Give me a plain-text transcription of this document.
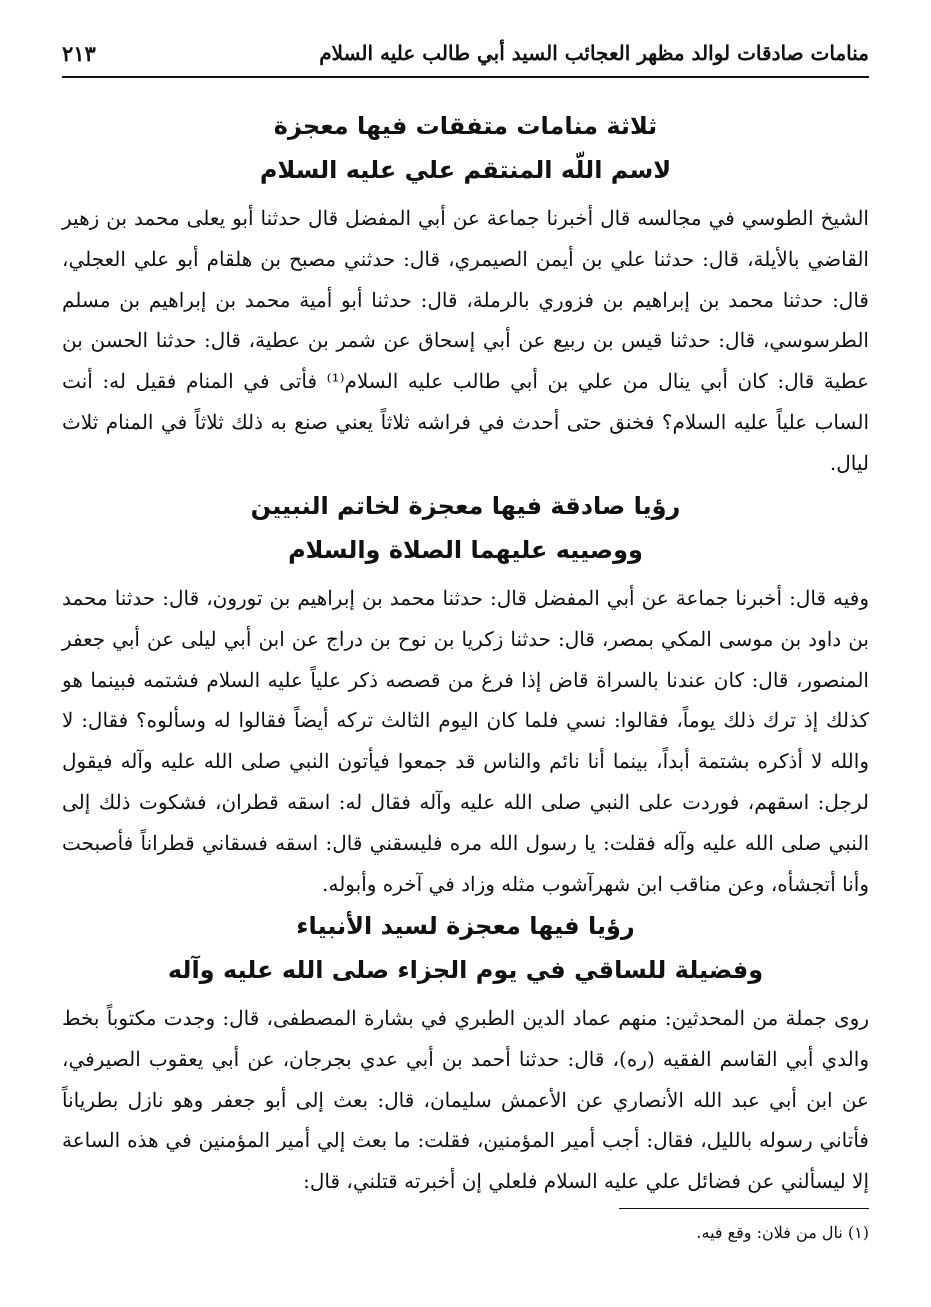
منامات صادقات لوالد مظهر العجائب السيد أبي طالب عليه السلام
٢١٣

ثلاثة منامات متفقات فيها معجزة

لاسم اللّه المنتقم علي عليه السلام

الشيخ الطوسي في مجالسه قال أخبرنا جماعة عن أبي المفضل قال حدثنا أبو يعلى محمد بن زهير القاضي بالأيلة، قال: حدثنا علي بن أيمن الصيمري، قال: حدثني مصبح بن هلقام أبو علي العجلي، قال: حدثنا محمد بن إبراهيم بن فزوري بالرملة، قال: حدثنا أبو أمية محمد بن إبراهيم بن مسلم الطرسوسي، قال: حدثنا قيس بن ربيع عن أبي إسحاق عن شمر بن عطية، قال: حدثنا الحسن بن عطية قال: كان أبي ينال من علي بن أبي طالب عليه السلام⁽¹⁾ فأتى في المنام فقيل له: أنت الساب علياً عليه السلام؟ فخنق حتى أحدث في فراشه ثلاثاً يعني صنع به ذلك ثلاثاً في المنام ثلاث ليال.

رؤيا صادقة فيها معجزة لخاتم النبيين

ووصييه عليهما الصلاة والسلام

وفيه قال: أخبرنا جماعة عن أبي المفضل قال: حدثنا محمد بن إبراهيم بن تورون، قال: حدثنا محمد بن داود بن موسى المكي بمصر، قال: حدثنا زكريا بن نوح بن دراج عن ابن أبي ليلى عن أبي جعفر المنصور، قال: كان عندنا بالسراة قاض إذا فرغ من قصصه ذكر علياً عليه السلام فشتمه فبينما هو كذلك إذ ترك ذلك يوماً، فقالوا: نسي فلما كان اليوم الثالث تركه أيضاً فقالوا له وسألوه؟ فقال: لا والله لا أذكره بشتمة أبداً، بينما أنا نائم والناس قد جمعوا فيأتون النبي صلى الله عليه وآله فيقول لرجل: اسقهم، فوردت على النبي صلى الله عليه وآله فقال له: اسقه قطران، فشكوت ذلك إلى النبي صلى الله عليه وآله فقلت: يا رسول الله مره فليسقني قال: اسقه فسقاني قطراناً فأصبحت وأنا أتجشأه، وعن مناقب ابن شهرآشوب مثله وزاد في آخره وأبوله.

رؤيا فيها معجزة لسيد الأنبياء

وفضيلة للساقي في يوم الجزاء صلى الله عليه وآله

روى جملة من المحدثين: منهم عماد الدين الطبري في بشارة المصطفى، قال: وجدت مكتوباً بخط والدي أبي القاسم الفقيه (ره)، قال: حدثنا أحمد بن أبي عدي بجرجان، عن أبي يعقوب الصيرفي، عن ابن أبي عبد الله الأنصاري عن الأعمش سليمان، قال: بعث إلى أبو جعفر وهو نازل بطرياناً فأتاني رسوله بالليل، فقال: أجب أمير المؤمنين، فقلت: ما بعث إلي أمير المؤمنين في هذه الساعة إلا ليسألني عن فضائل علي عليه السلام فلعلي إن أخبرته قتلني، قال:

(١) نال من فلان: وقع فيه.
